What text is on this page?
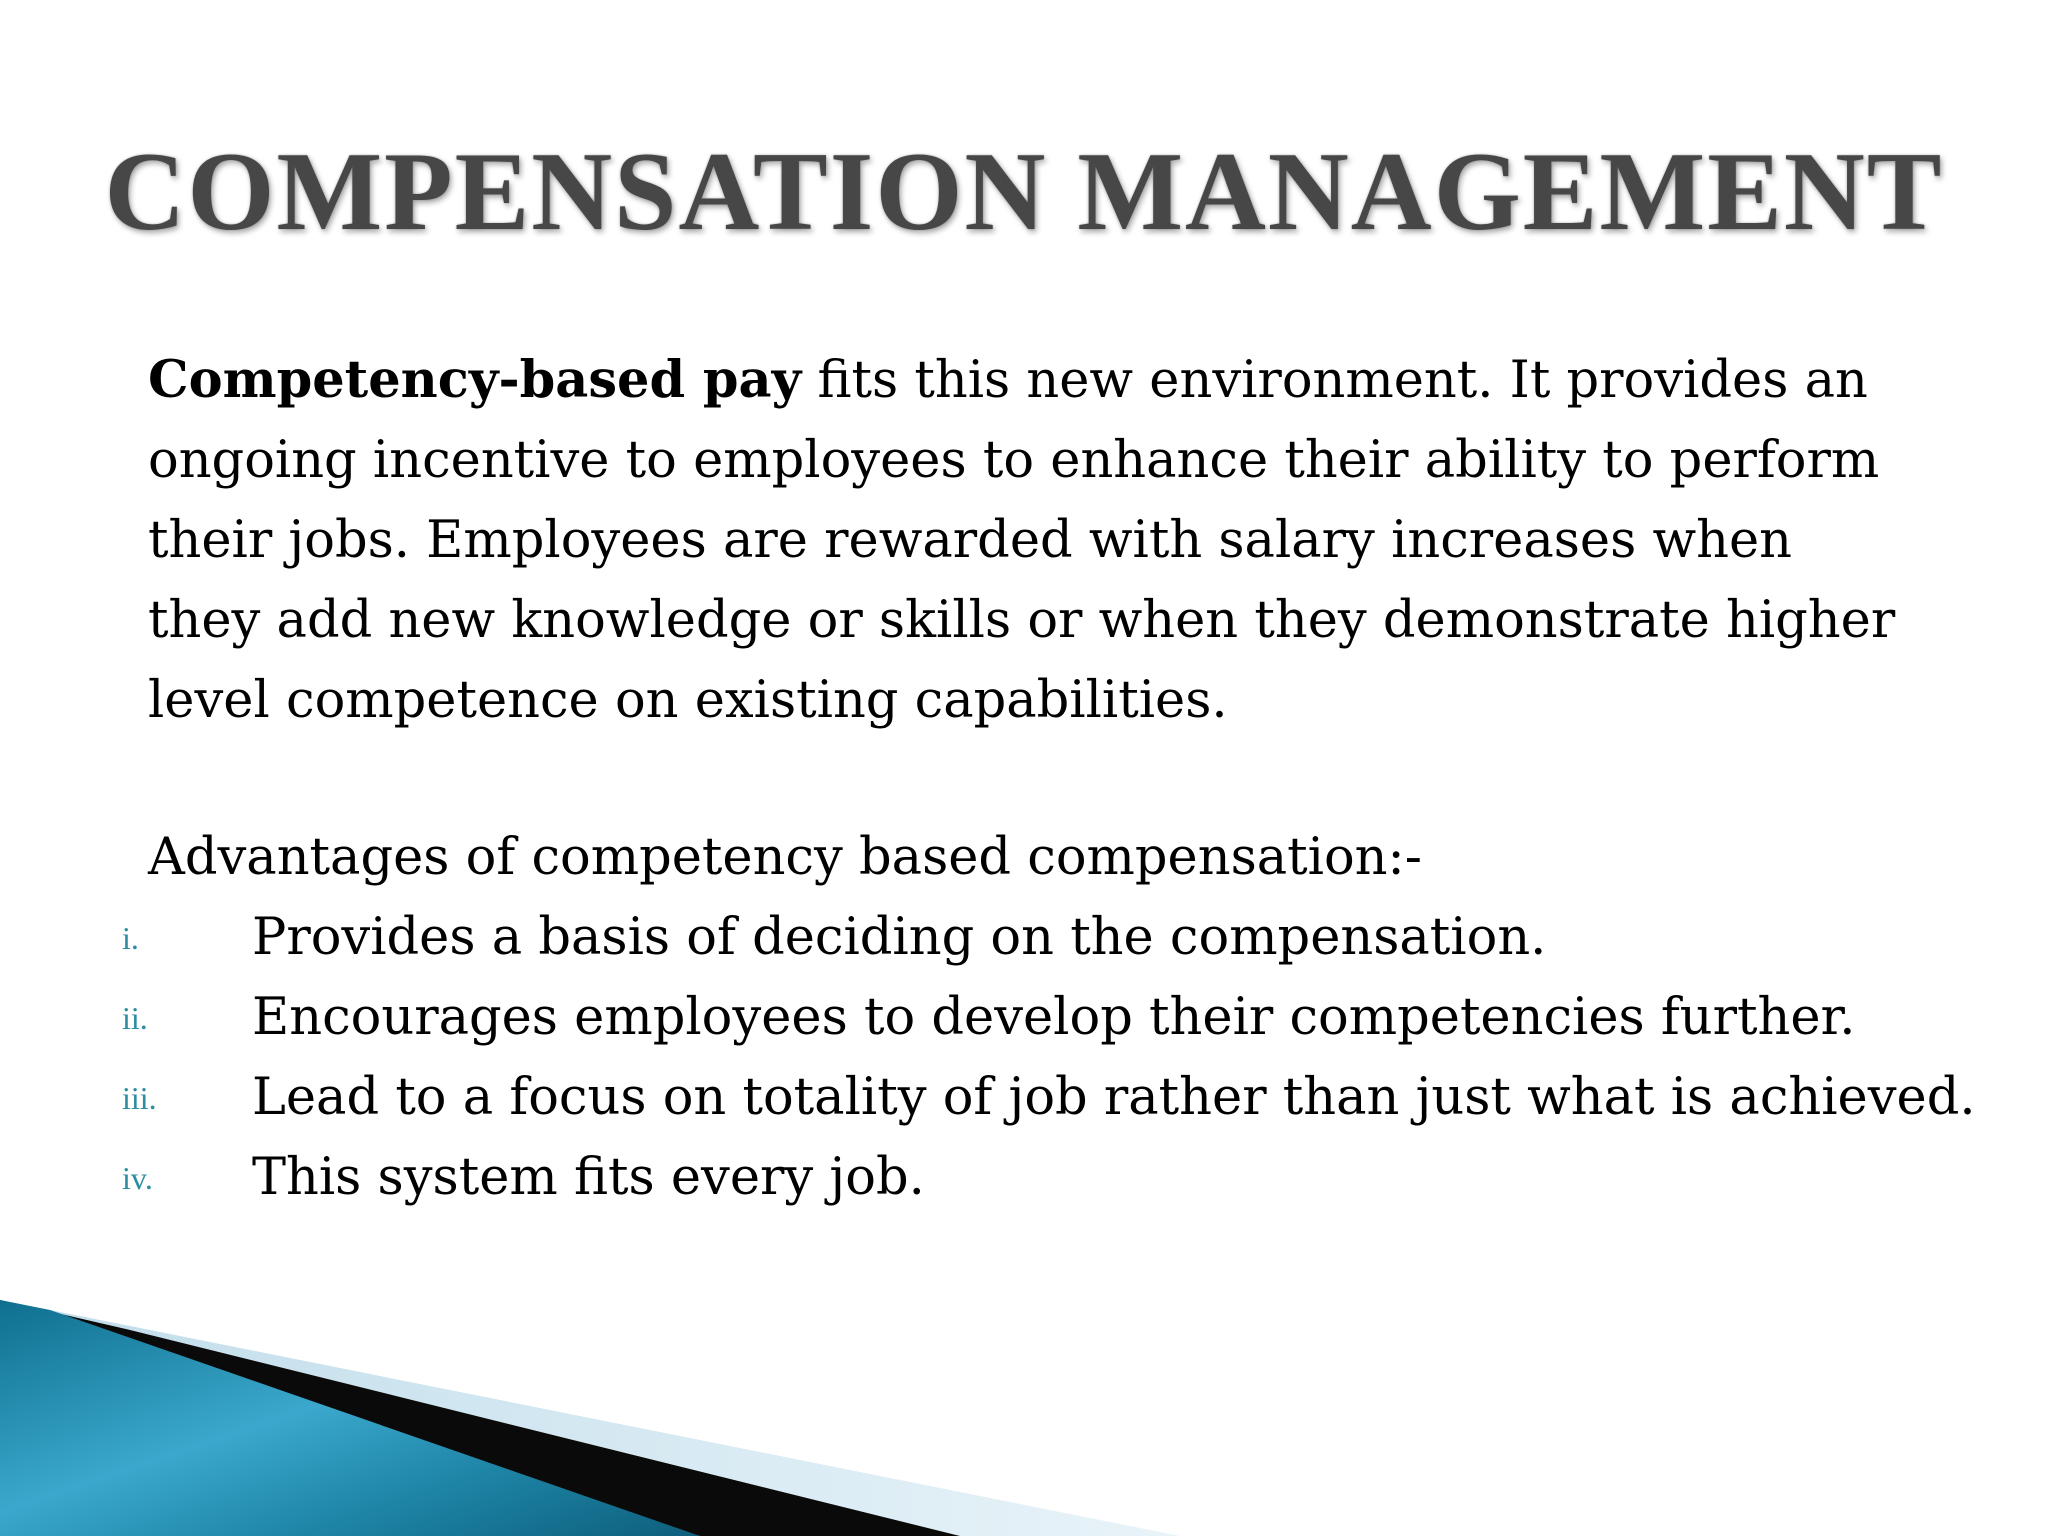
COMPENSATION MANAGEMENT

Competency-based pay fits this new environment. It provides an ongoing incentive to employees to enhance their ability to perform their jobs. Employees are rewarded with salary increases when they add new knowledge or skills or when they demonstrate higher level competence on existing capabilities.

Advantages of competency based compensation:-

i. Provides a basis of deciding on the compensation.
ii. Encourages employees to develop their competencies further.
iii. Lead to a focus on totality of job rather than just what is achieved.
iv. This system fits every job.
